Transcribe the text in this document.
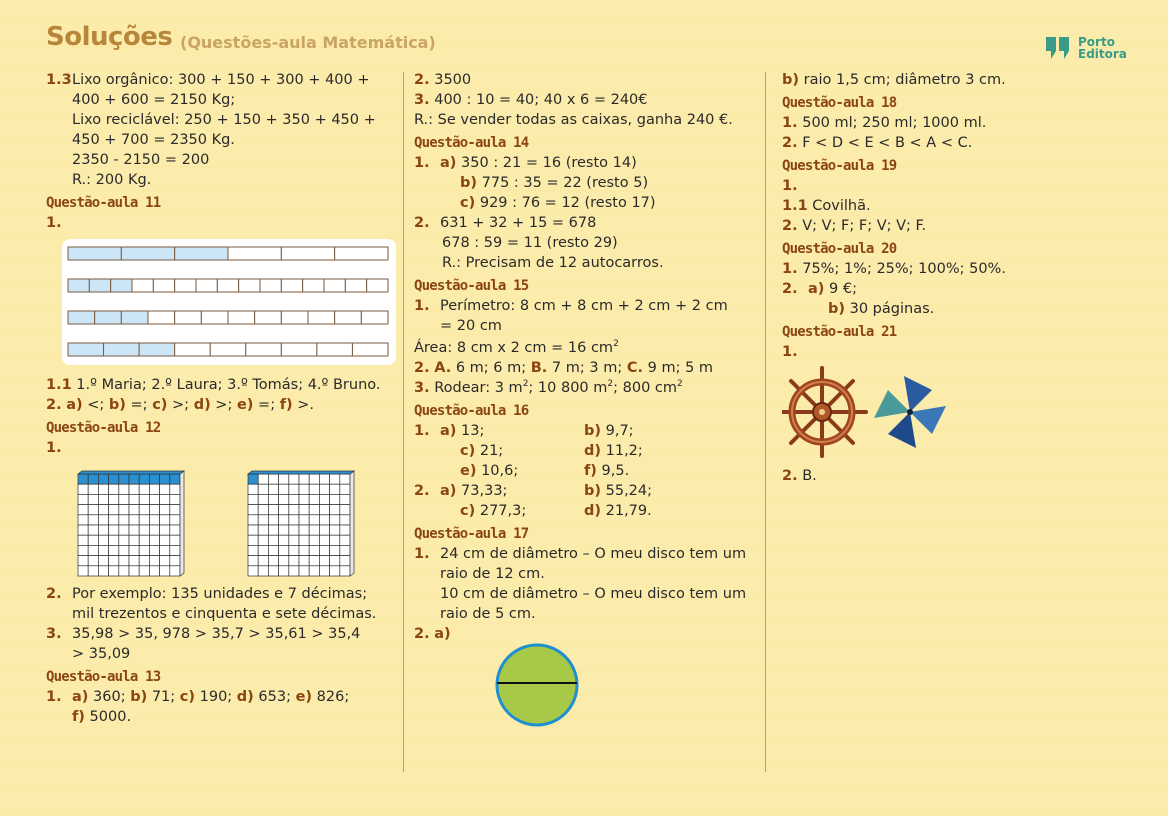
Soluções (Questões-aula Matemática)	Porto
Editora
1.3 Lixo orgânico: 300 + 150 + 300 + 400 +
400 + 600 = 2150 Kg;
Lixo reciclável: 250 + 150 + 350 + 450 +
450 + 700 = 2350 Kg.
2350 - 2150 = 200
R.: 200 Kg.
Questão-aula 11
1.
1.1 1.º Maria; 2.º Laura; 3.º Tomás; 4.º Bruno.
2. a) <; b) =; c) >; d) >; e) =; f) >.
Questão-aula 12
1.
2. Por exemplo: 135 unidades e 7 décimas;
mil trezentos e cinquenta e sete décimas.
3. 35,98 > 35, 978 > 35,7 > 35,61 > 35,4
> 35,09
Questão-aula 13
1. a) 360; b) 71; c) 190; d) 653; e) 826;
f) 5000.
2. 3500
3. 400 : 10 = 40; 40 x 6 = 240€
R.: Se vender todas as caixas, ganha 240 €.
Questão-aula 14
1. a) 350 : 21 = 16 (resto 14)
b) 775 : 35 = 22 (resto 5)
c) 929 : 76 = 12 (resto 17)
2. 631 + 32 + 15 = 678
678 : 59 = 11 (resto 29)
R.: Precisam de 12 autocarros.
Questão-aula 15
1. Perímetro: 8 cm + 8 cm + 2 cm + 2 cm
= 20 cm
Área: 8 cm x 2 cm = 16 $cm^2$
2. A. 6 m; 6 m; B. 7 m; 3 m; C. 9 m; 5 m
3. Rodear: 3 $m^2$; 10 800 $m^2$; 800 $cm^2$
Questão-aula 16
1. a) 13;	b) 9,7;
c) 21;	d) 11,2;
e) 10,6;	f) 9,5.
2. a) 73,33;	b) 55,24;
c) 277,3;	d) 21,79.
Questão-aula 17
1. 24 cm de diâmetro – O meu disco tem um
raio de 12 cm.
10 cm de diâmetro – O meu disco tem um
raio de 5 cm.
2. a)
b) raio 1,5 cm; diâmetro 3 cm.
Questão-aula 18
1. 500 ml; 250 ml; 1000 ml.
2. F < D < E < B < A < C.
Questão-aula 19
1.
1.1 Covilhã.
2. V; V; F; F; V; V; F.
Questão-aula 20
1. 75%; 1%; 25%; 100%; 50%.
2. a) 9 €;
b) 30 páginas.
Questão-aula 21
1.
2. B.
